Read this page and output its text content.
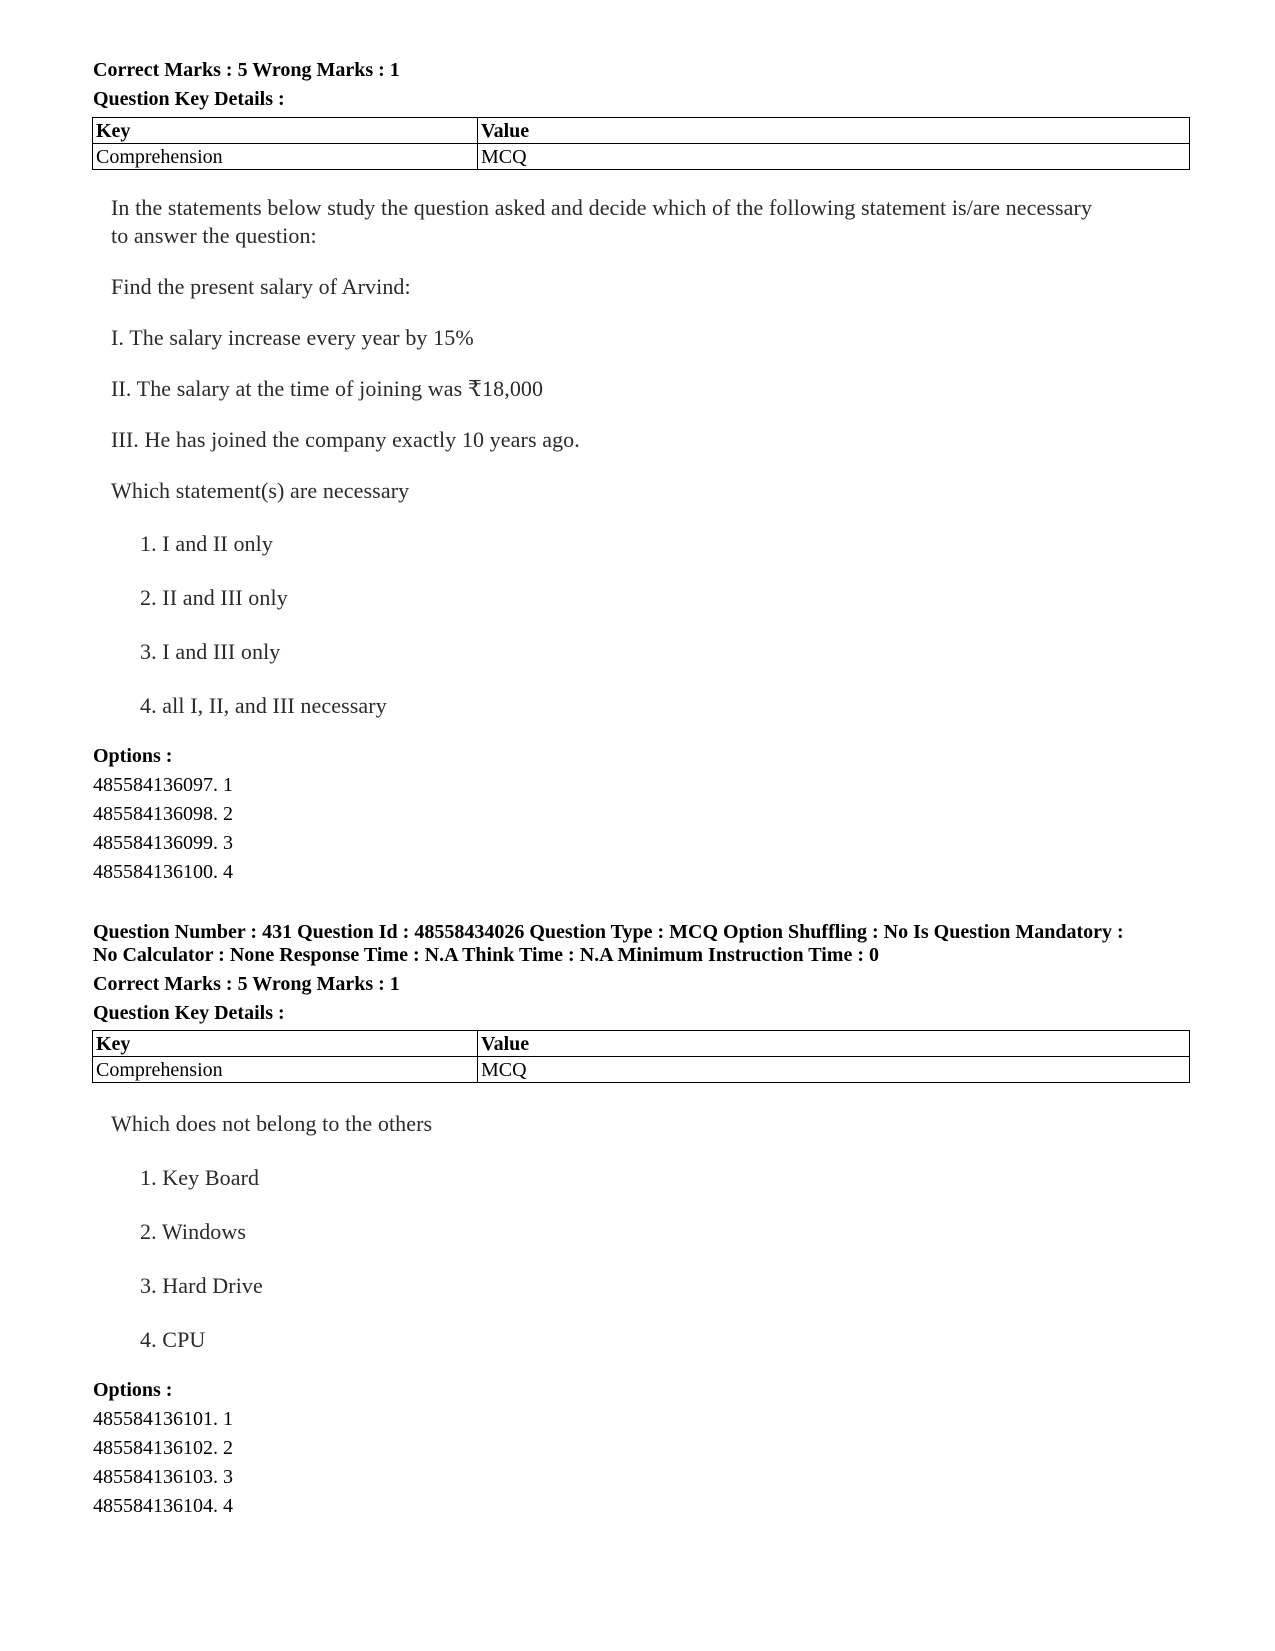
Correct Marks : 5 Wrong Marks : 1
Question Key Details :
Key	Value
Comprehension	MCQ
In the statements below study the question asked and decide which of the following statement is/are necessary
to answer the question:
Find the present salary of Arvind:
I. The salary increase every year by 15%
II. The salary at the time of joining was ₹18,000
III. He has joined the company exactly 10 years ago.
Which statement(s) are necessary
1. I and II only
2. II and III only
3. I and III only
4. all I, II, and III necessary
Options :
485584136097. 1
485584136098. 2
485584136099. 3
485584136100. 4
Question Number : 431 Question Id : 48558434026 Question Type : MCQ Option Shuffling : No Is Question Mandatory :
No Calculator : None Response Time : N.A Think Time : N.A Minimum Instruction Time : 0
Correct Marks : 5 Wrong Marks : 1
Question Key Details :
Key	Value
Comprehension	MCQ
Which does not belong to the others
1. Key Board
2. Windows
3. Hard Drive
4. CPU
Options :
485584136101. 1
485584136102. 2
485584136103. 3
485584136104. 4
